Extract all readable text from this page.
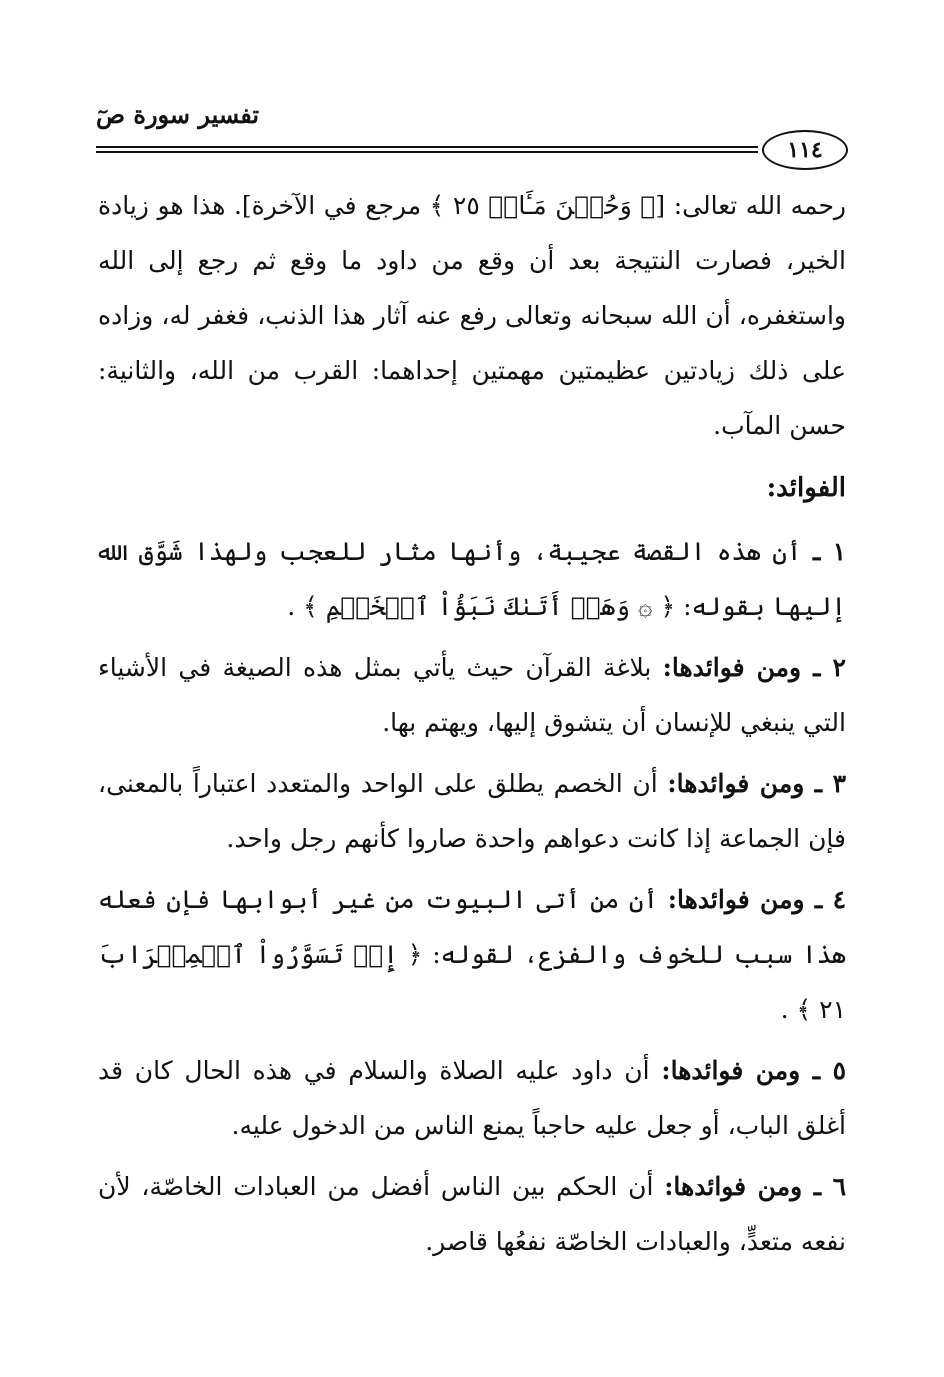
تفسير سورة صٓ
١١٤

رحمه الله تعالى: [﴿ وَحُسۡنَ مَـَٔابٖ ٢٥ ﴾ مرجع في الآخرة]. هذا هو زيادة الخير، فصارت النتيجة بعد أن وقع من داود ما وقع ثم رجع إلى الله واستغفره، أن الله سبحانه وتعالى رفع عنه آثار هذا الذنب، فغفر له، وزاده على ذلك زيادتين عظيمتين مهمتين إحداهما: القرب من الله، والثانية: حسن المآب.

الفوائد:

١ ـ أن هذه القصة عجيبة، وأنها مثار للعجب ولهذا شَوَّق الله إليها بقوله: ﴿ ۞ وَهَلۡ أَتَىٰكَ نَبَؤُاْ ٱلۡخَصۡمِ ﴾ .

٢ ـ ومن فوائدها: بلاغة القرآن حيث يأتي بمثل هذه الصيغة في الأشياء التي ينبغي للإنسان أن يتشوق إليها، ويهتم بها.

٣ ـ ومن فوائدها: أن الخصم يطلق على الواحد والمتعدد اعتباراً بالمعنى، فإن الجماعة إذا كانت دعواهم واحدة صاروا كأنهم رجل واحد.

٤ ـ ومن فوائدها: أن من أتى البيوت من غير أبوابها فإن فعله هذا سبب للخوف والفزع، لقوله: ﴿ إِذۡ تَسَوَّرُواْ ٱلۡمِحۡرَابَ ٢١ ﴾ .

٥ ـ ومن فوائدها: أن داود عليه الصلاة والسلام في هذه الحال كان قد أغلق الباب، أو جعل عليه حاجباً يمنع الناس من الدخول عليه.

٦ ـ ومن فوائدها: أن الحكم بين الناس أفضل من العبادات الخاصّة، لأن نفعه متعدٍّ، والعبادات الخاصّة نفعُها قاصر.
